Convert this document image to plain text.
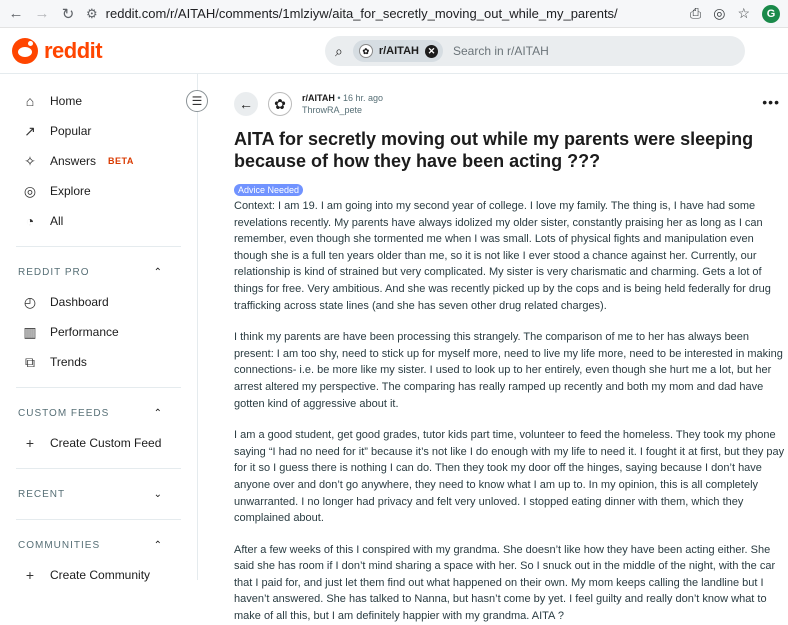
← → ↻ ⚙ reddit.com/r/AITAH/comments/1mlziyw/aita_for_secretly_moving_out_while_my_parents/	⎙ ◎ ☆	G
reddit	⌕	✿ r/AITAH ✕ Search in r/AITAH
☰
⌂	Home
↗ Popular
✧ Answers BETA
◎ Explore
◔	All
REDDIT PRO	⌃
◴ Dashboard
▥ Performance
⧉ Trends
CUSTOM FEEDS	⌃
+	Create Custom Feed
RECENT	⌄
COMMUNITIES	⌃
+	Create Community
←	✿	r/AITAH • 16 hr. ago
ThrowRA_pete	•••
AITA for secretly moving out while my parents were sleeping because of how they have been acting ???
Advice Needed

Context: I am 19. I am going into my second year of college. I love my family. The thing is, I have had some revelations recently. My parents have always idolized my older sister, constantly praising her as long as I can remember, even though she tormented me when I was small. Lots of physical fights and manipulation even though she is a full ten years older than me, so it is not like I ever stood a chance against her. Currently, our relationship is kind of strained but very complicated. My sister is very charismatic and charming. Gets a lot of things for free. Very ambitious. And she was recently picked up by the cops and is being held federally for drug trafficking across state lines (and she has seven other drug related charges).

I think my parents are have been processing this strangely. The comparison of me to her has always been present: I am too shy, need to stick up for myself more, need to live my life more, need to be interested in making connections- i.e. be more like my sister. I used to look up to her entirely, even though she hurt me a lot, but her arrest altered my perspective. The comparing has really ramped up recently and both my mom and dad have gotten kind of aggressive about it.

I am a good student, get good grades, tutor kids part time, volunteer to feed the homeless. They took my phone saying “I had no need for it” because it’s not like I do enough with my life to need it. I fought it at first, but they pay for it so I guess there is nothing I can do. Then they took my door off the hinges, saying because I don’t have anyone over and don’t go anywhere, they need to know what I am up to. In my opinion, this is all completely unwarranted. I no longer had privacy and felt very unloved. I stopped eating dinner with them, which they complained about.

After a few weeks of this I conspired with my grandma. She doesn’t like how they have been acting either. She said she has room if I don’t mind sharing a space with her. So I snuck out in the middle of the night, with the car that I paid for, and just let them find out what happened on their own. My mom keeps calling the landline but I haven’t answered. She has talked to Nanna, but hasn’t come by yet. I feel guilty and really don’t know what to make of all this, but I am definitely happier with my grandma. AITA ?
